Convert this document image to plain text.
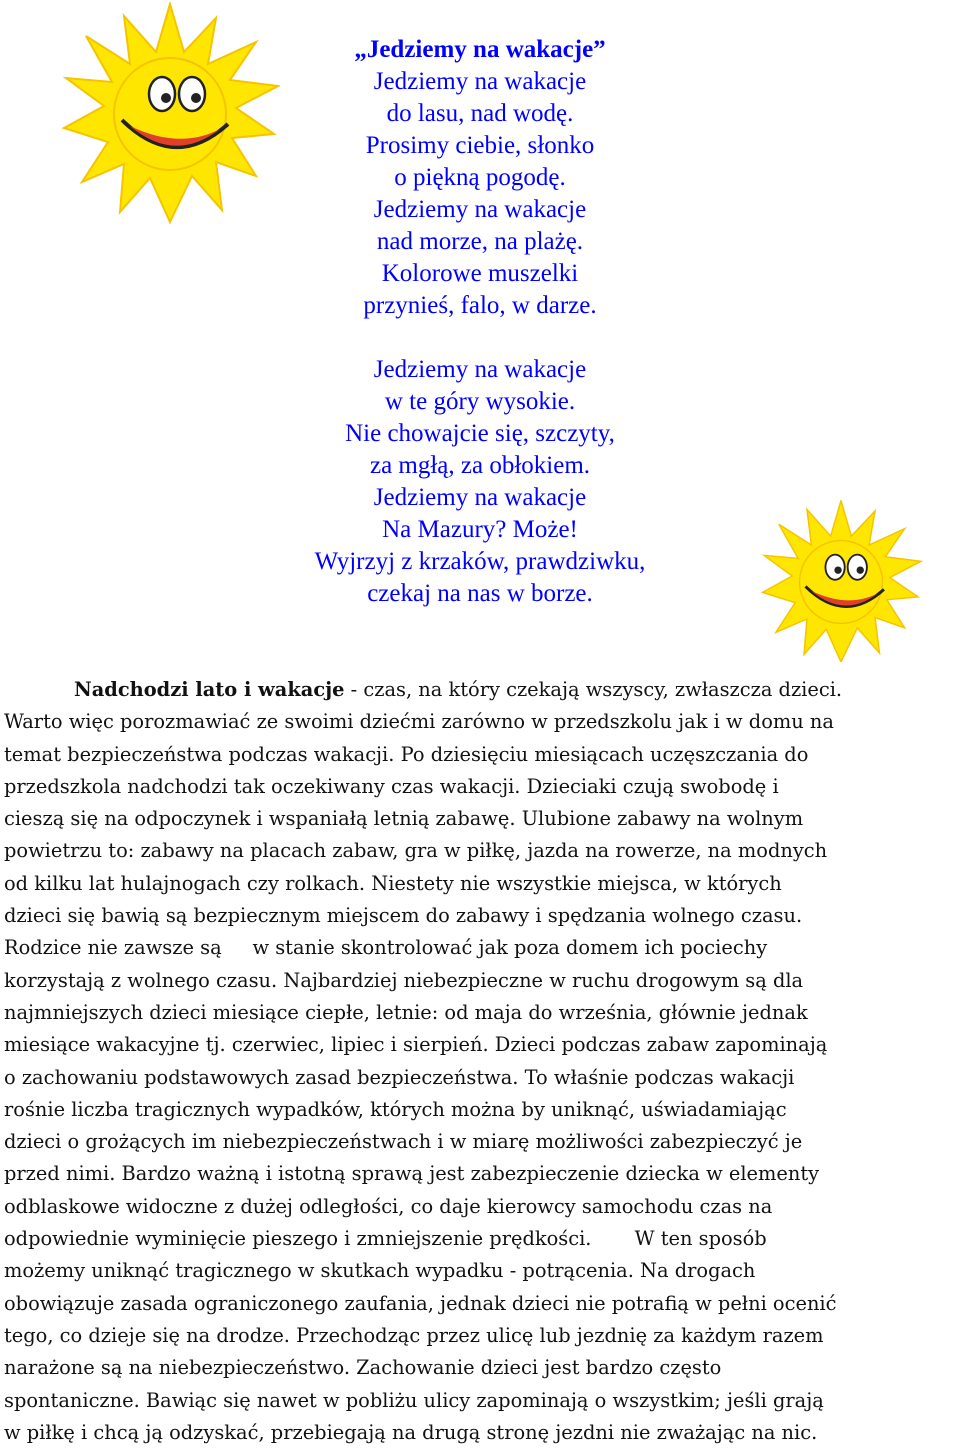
„Jedziemy na wakacje”
Jedziemy na wakacje
do lasu, nad wodę.
Prosimy ciebie, słonko
o piękną pogodę.
Jedziemy na wakacje
nad morze, na plażę.
Kolorowe muszelki
przynieś, falo, w darze.
Jedziemy na wakacje
w te góry wysokie.
Nie chowajcie się, szczyty,
za mgłą, za obłokiem.
Jedziemy na wakacje
Na Mazury? Może!
Wyjrzyj z krzaków, prawdziwku,
czekaj na nas w borze.
Nadchodzi lato i wakacje - czas, na który czekają wszyscy, zwłaszcza dzieci.
Warto więc porozmawiać ze swoimi dziećmi zarówno w przedszkolu jak i w domu na
temat bezpieczeństwa podczas wakacji. Po dziesięciu miesiącach uczęszczania do
przedszkola nadchodzi tak oczekiwany czas wakacji. Dzieciaki czują swobodę i
cieszą się na odpoczynek i wspaniałą letnią zabawę. Ulubione zabawy na wolnym
powietrzu to: zabawy na placach zabaw, gra w piłkę, jazda na rowerze, na modnych
od kilku lat hulajnogach czy rolkach. Niestety nie wszystkie miejsca, w których
dzieci się bawią są bezpiecznym miejscem do zabawy i spędzania wolnego czasu.
Rodzice nie zawsze są     w stanie skontrolować jak poza domem ich pociechy
korzystają z wolnego czasu. Najbardziej niebezpieczne w ruchu drogowym są dla
najmniejszych dzieci miesiące ciepłe, letnie: od maja do września, głównie jednak
miesiące wakacyjne tj. czerwiec, lipiec i sierpień. Dzieci podczas zabaw zapominają
o zachowaniu podstawowych zasad bezpieczeństwa. To właśnie podczas wakacji
rośnie liczba tragicznych wypadków, których można by uniknąć, uświadamiając
dzieci o grożących im niebezpieczeństwach i w miarę możliwości zabezpieczyć je
przed nimi. Bardzo ważną i istotną sprawą jest zabezpieczenie dziecka w elementy
odblaskowe widoczne z dużej odległości, co daje kierowcy samochodu czas na
odpowiednie wyminięcie pieszego i zmniejszenie prędkości.       W ten sposób
możemy uniknąć tragicznego w skutkach wypadku - potrącenia. Na drogach
obowiązuje zasada ograniczonego zaufania, jednak dzieci nie potrafią w pełni ocenić
tego, co dzieje się na drodze. Przechodząc przez ulicę lub jezdnię za każdym razem
narażone są na niebezpieczeństwo. Zachowanie dzieci jest bardzo często
spontaniczne. Bawiąc się nawet w pobliżu ulicy zapominają o wszystkim; jeśli grają
w piłkę i chcą ją odzyskać, przebiegają na drugą stronę jezdni nie zważając na nic.
